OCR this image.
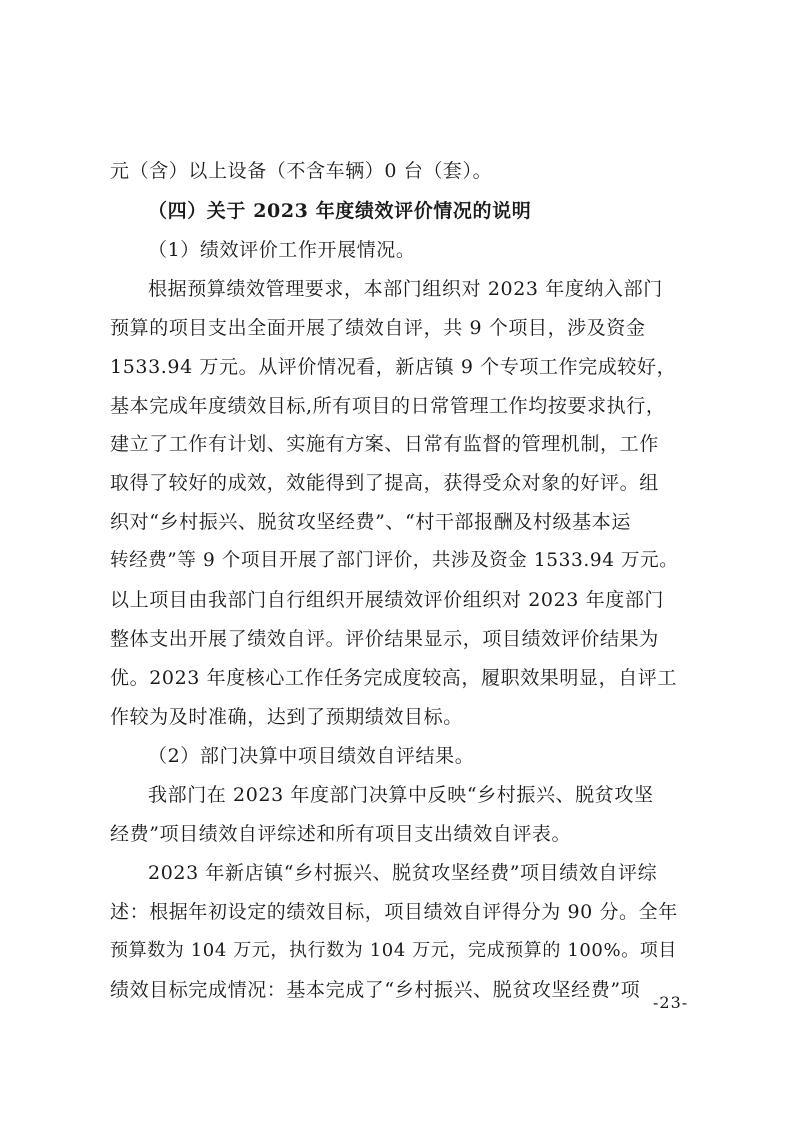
元（含）以上设备（不含车辆）0 台（套）。
（四）关于 2023 年度绩效评价情况的说明
（1）绩效评价工作开展情况。
根据预算绩效管理要求，本部门组织对 2023 年度纳入部门
预算的项目支出全面开展了绩效自评，共 9 个项目，涉及资金
1533.94 万元。从评价情况看，新店镇 9 个专项工作完成较好，
基本完成年度绩效目标,所有项目的日常管理工作均按要求执行，
建立了工作有计划、实施有方案、日常有监督的管理机制，工作
取得了较好的成效，效能得到了提高，获得受众对象的好评。组
织对“乡村振兴、脱贫攻坚经费”、“村干部报酬及村级基本运
转经费”等 9 个项目开展了部门评价，共涉及资金 1533.94 万元。
以上项目由我部门自行组织开展绩效评价组织对 2023 年度部门
整体支出开展了绩效自评。评价结果显示，项目绩效评价结果为
优。2023 年度核心工作任务完成度较高，履职效果明显，自评工
作较为及时准确，达到了预期绩效目标。
（2）部门决算中项目绩效自评结果。
我部门在 2023 年度部门决算中反映“乡村振兴、脱贫攻坚
经费”项目绩效自评综述和所有项目支出绩效自评表。
2023 年新店镇“乡村振兴、脱贫攻坚经费”项目绩效自评综
述：根据年初设定的绩效目标，项目绩效自评得分为 90 分。全年
预算数为 104 万元，执行数为 104 万元，完成预算的 100%。项目
绩效目标完成情况：基本完成了“乡村振兴、脱贫攻坚经费”项
-23-
